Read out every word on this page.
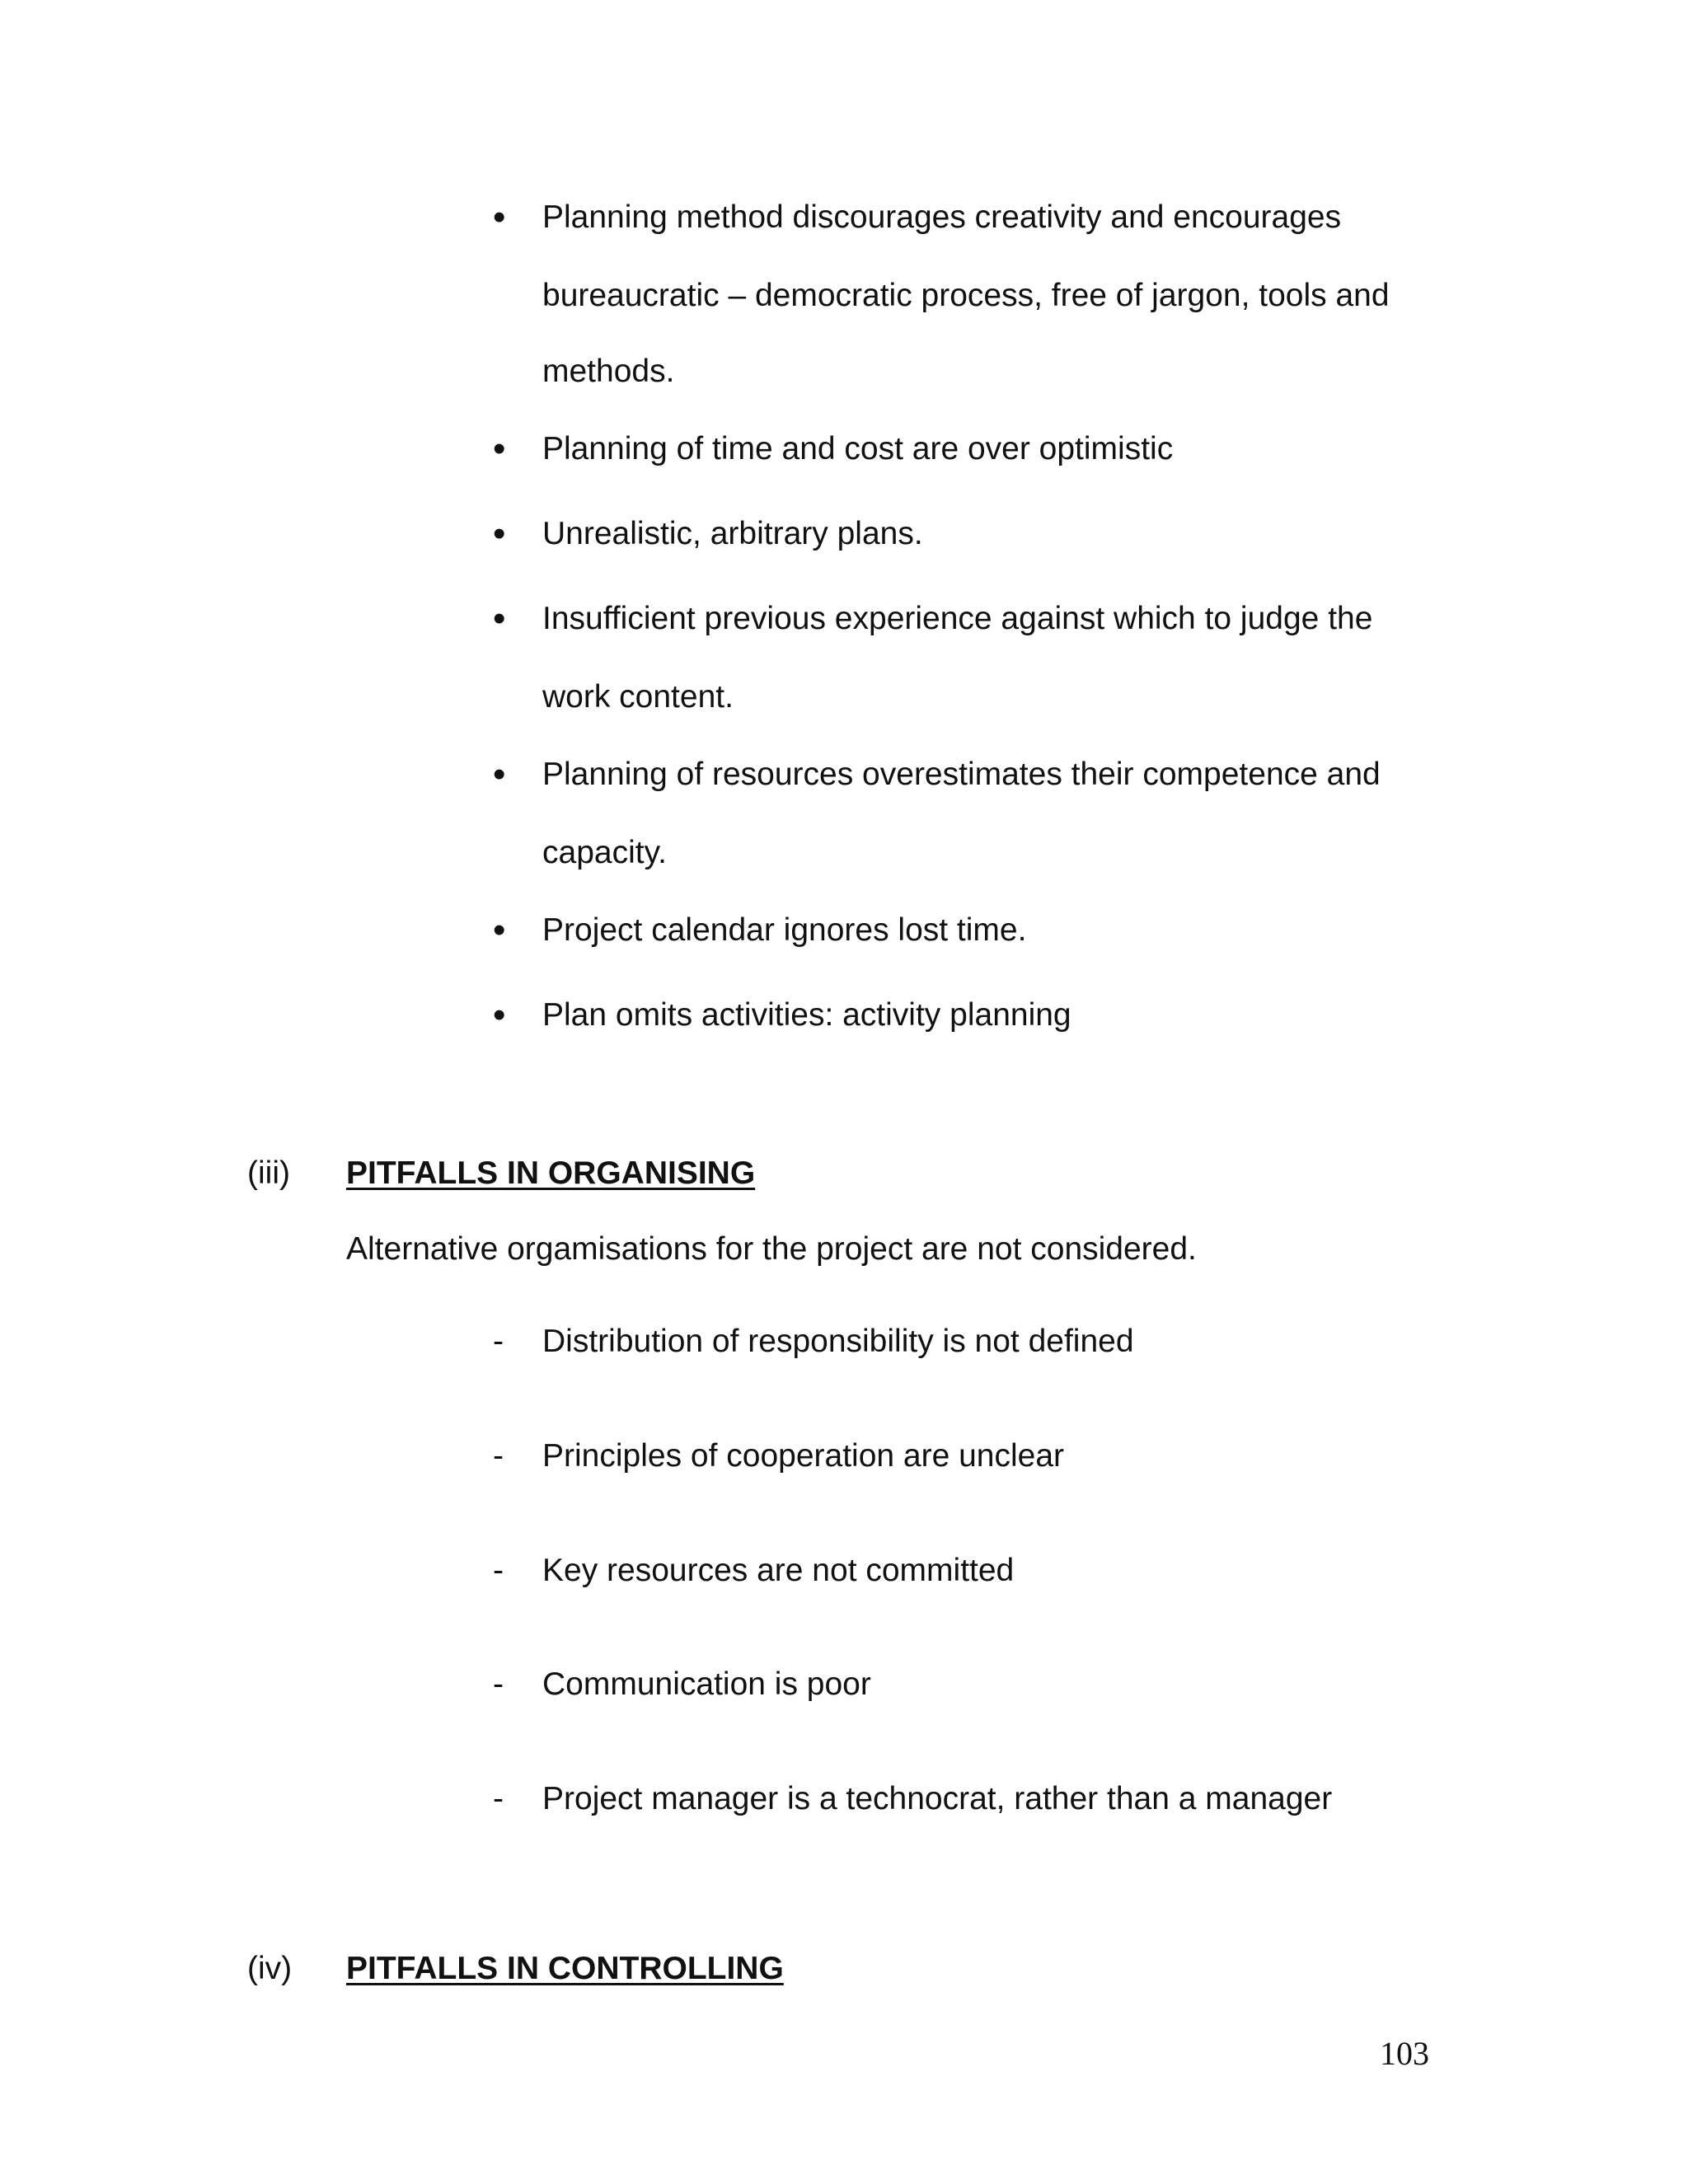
• Planning method discourages creativity and encourages
bureaucratic – democratic process, free of jargon, tools and
methods.
• Planning of time and cost are over optimistic
• Unrealistic, arbitrary plans.
• Insufficient previous experience against which to judge the
work content.
• Planning of resources overestimates their competence and
capacity.
• Project calendar ignores lost time.
• Plan omits activities: activity planning
(iii) PITFALLS IN ORGANISING
Alternative orgamisations for the project are not considered.
- Distribution of responsibility is not defined
- Principles of cooperation are unclear
- Key resources are not committed
- Communication is poor
- Project manager is a technocrat, rather than a manager
(iv) PITFALLS IN CONTROLLING
103
